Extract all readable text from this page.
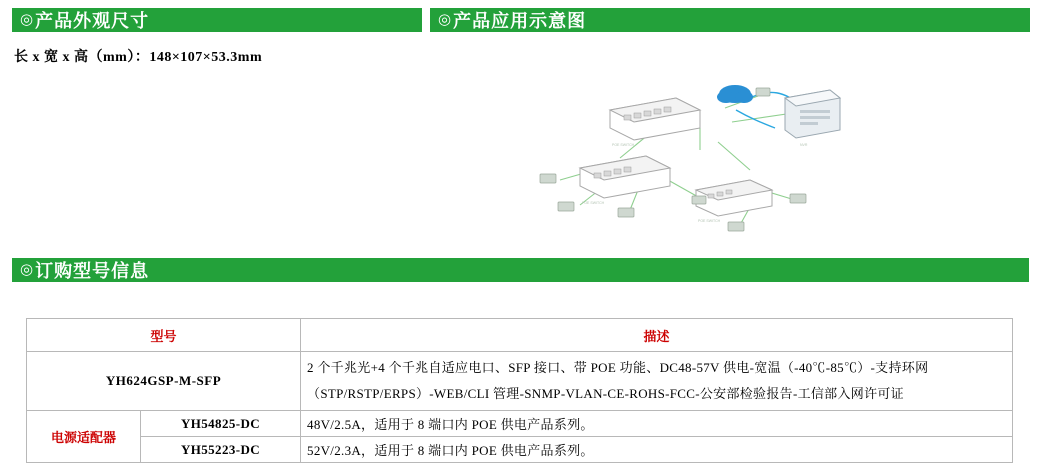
◎ 产品外观尺寸	◎ 产品应用示意图
长 x 宽 x 高（mm）：148×107×53.3mm
POE SWITCH
POE SWITCH
POE SWITCH
NVR
◎ 订购型号信息
型号		描述
YH624GSP-M-SFP		2 个千兆光+4 个千兆自适应电口、SFP 接口、带 POE 功能、DC48-57V 供电-宽温（-40℃-85℃）-支持环网
（STP/RSTP/ERPS）-WEB/CLI 管理-SNMP-VLAN-CE-ROHS-FCC-公安部检验报告-工信部入网许可证

电源适配器	YH54825-DC	48V/2.5A，适用于 8 端口内 POE 供电产品系列。
	YH55223-DC	52V/2.3A，适用于 8 端口内 POE 供电产品系列。
